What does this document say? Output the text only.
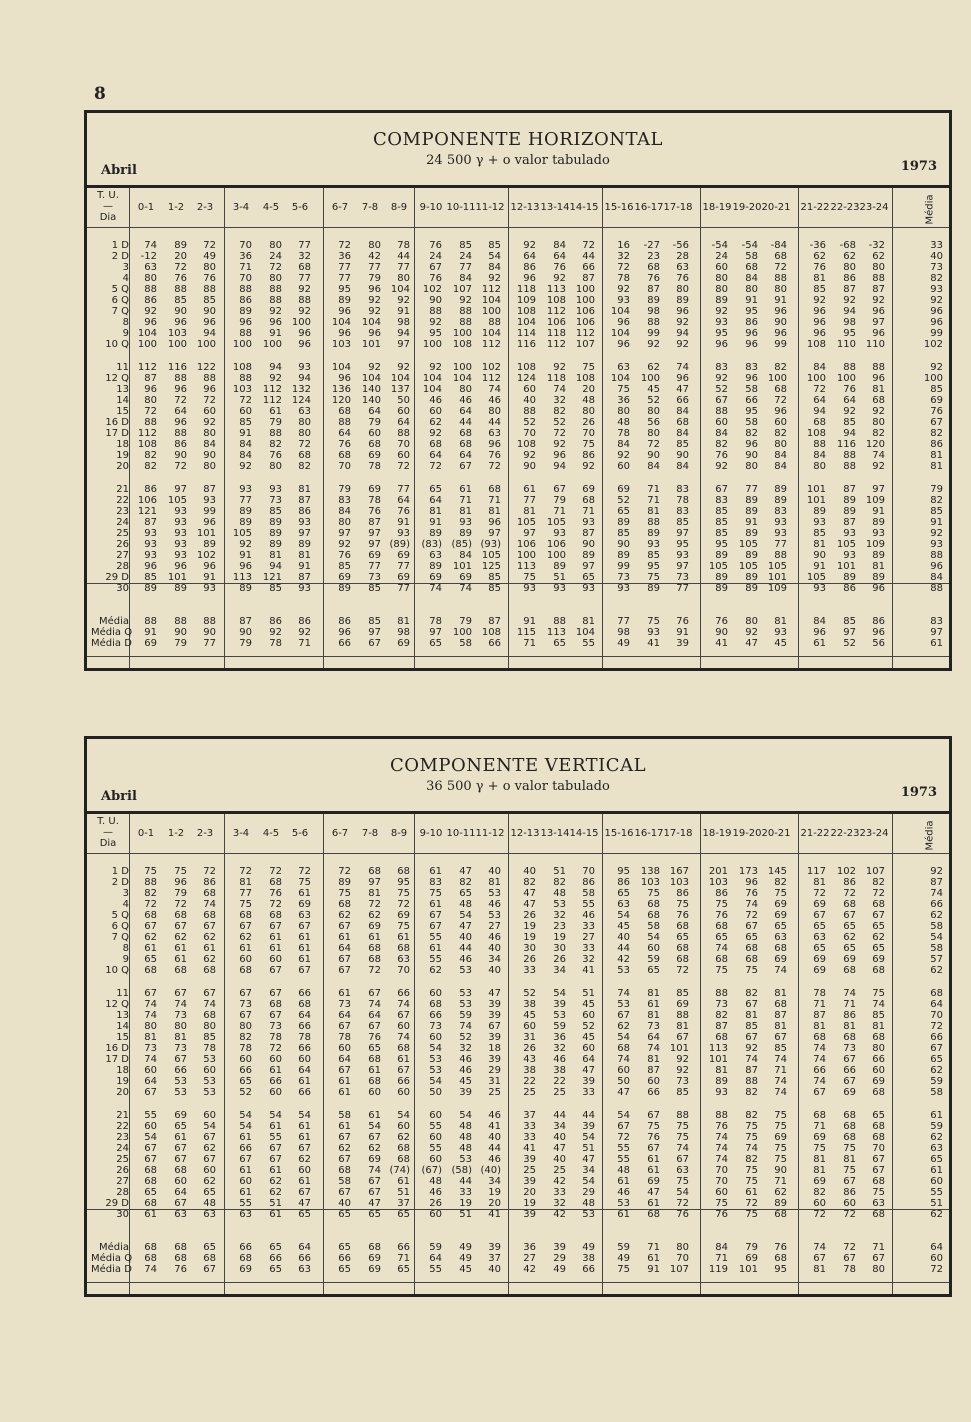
8
COMPONENTE HORIZONTAL
24 500 γ + o valor tabulado
Abril	1973
T. U.
—
Dia
0-1	1-2	2-3	3-4	4-5	5-6	6-7	7-8	8-9	9-10 10-11 11-12 12-13 13-14 14-15 15-16 16-17 17-18 18-19 19-20 20-21 21-22 22-23 23-24	Média
1 D	74	89	72	70	80	77	72	80	78	76	85	85	92	84	72	16	-27	-56	-54	-54	-84	-36	-68	-32	33
2 D	-12	20	49	36	24	32	36	42	44	24	24	54	64	64	44	32	23	28	24	58	68	62	62	62	40
3	63	72	80	71	72	68	77	77	77	67	77	84	86	76	66	72	68	63	60	68	72	76	80	80	73
4	80	76	76	70	80	77	77	79	80	76	84	92	96	92	87	78	76	76	80	84	88	81	86	88	82
5 Q	88	88	88	88	88	92	95	96 104	102	107 112	118	113 100	92	87	80	80	80	80	85	87	87	93
6 Q	86	85	85	86	88	88	89	92	92	90	92 104	109	108 100	93	89	89	89	91	91	92	92	92	92
7 Q	92	90	90	89	92	92	96	92	91	88	88 100	108	112 106	104	98	96	92	95	96	96	94	96	96
8	96	96	96	96	96 100	104	104	98	92	88	88	104	106 106	96	88	92	93	86	90	96	98	97	96
9 104	103	94	88	91	96	96	96	94	95	100 104	114	118 112	104	99	94	95	96	96	96	95	96	99
10 Q 100	100 100	100	100	96	103	101	97	100	108 112	116	112 107	96	92	92	96	96	99	108	110 110	102
11 112	116 122	108	94	93	104	92	92	92	100 102	108	92	75	63	62	74	83	83	82	84	88	88	92
12 Q	87	88	88	88	92	94	96	104 104	104	104 112	124	118 108	104	100	96	92	96 100	100	100	96	100
13	96	96	96	103	112 132	136	140 137	104	80	74	60	74	20	75	45	47	52	58	68	72	76	81	85
14	80	72	72	72	112 124	120	140	50	46	46	46	40	32	48	36	52	66	67	66	72	64	64	68	69
15	72	64	60	60	61	63	68	64	60	60	64	80	88	82	80	80	80	84	88	95	96	94	92	92	76
16 D	88	96	92	85	79	80	88	79	64	62	44	44	52	52	26	48	56	68	60	58	60	68	85	80	67
17 D 112	88	80	91	88	80	64	60	88	92	68	63	70	72	70	78	80	84	84	82	82	108	94	82	82
18 108	86	84	84	82	72	76	68	70	68	68	96	108	92	75	84	72	85	82	96	80	88	116 120	86
19	82	90	90	84	76	68	68	69	60	64	64	76	92	96	86	92	90	90	76	90	84	84	88	74	81
20	82	72	80	92	80	82	70	78	72	72	67	72	90	94	92	60	84	84	92	80	84	80	88	92	81
21	86	97	87	93	93	81	79	69	77	65	61	68	61	67	69	69	71	83	67	77	89	101	87	97	79
22 106	105	93	77	73	87	83	78	64	64	71	71	77	79	68	52	71	78	83	89	89	101	89 109	82
23 121	93	99	89	85	86	84	76	76	81	81	81	81	71	71	65	81	83	85	89	83	89	89	91	85
24	87	93	96	89	89	93	80	87	91	91	93	96	105	105	93	89	88	85	85	91	93	93	87	89	91
25	93	93 101	105	89	97	97	97	93	89	89	97	97	93	87	85	89	97	85	89	93	85	93	93	92
26	93	93	89	92	89	89	92	97 (89)	(83) (85) (93)	106	106	90	90	93	95	95	105	77	81	105 109	93
27	93	93 102	91	81	81	76	69	69	63	84 105	100	100	89	89	85	93	89	89	88	90	93	89	88
28	96	96	96	96	94	91	85	77	77	89	101 125	113	89	97	99	95	97	105	105 105	91	101	81	96
29 D	85	101	91	113	121	87	69	73	69	69	69	85	75	51	65	73	75	73	89	89 101	105	89	89	84
30	89	89	93	89	85	93	89	85	77	74	74	85	93	93	93	93	89	77	89	89 109	93	86	96	88
Média	88	88	88	87	86	86	86	85	81	78	79	87	91	88	81	77	75	76	76	80	81	84	85	86	83
Média Q	91	90	90	90	92	92	96	97	98	97	100 108	115	113 104	98	93	91	90	92	93	96	97	96	97
Média D	69	79	77	79	78	71	66	67	69	65	58	66	71	65	55	49	41	39	41	47	45	61	52	56	61
COMPONENTE VERTICAL
36 500 γ + o valor tabulado
Abril	1973
T. U.
—
Dia
0-1	1-2	2-3	3-4	4-5	5-6	6-7	7-8	8-9	9-10 10-11 11-12 12-13 13-14 14-15 15-16 16-17 17-18 18-19 19-20 20-21 21-22 22-23 23-24	Média
1 D	75	75	72	72	72	72	72	68	68	61	47	40	40	51	70	95	138 167	201	173 145	117	102 107	92
2 D	88	96	86	81	68	75	89	97	95	83	82	81	82	82	86	86	103 103	103	96	82	81	86	82	87
3	82	79	68	77	76	61	75	81	75	75	65	53	47	48	58	65	75	86	86	76	75	72	72	72	74
4	72	72	74	75	72	69	68	72	72	61	48	46	47	53	55	63	68	75	75	74	69	69	68	68	66
5 Q	68	68	68	68	68	63	62	62	69	67	54	53	26	32	46	54	68	76	76	72	69	67	67	67	62
6 Q	67	67	67	67	67	67	67	69	75	67	47	27	19	23	33	45	58	68	68	67	65	65	65	65	58
7 Q	62	62	62	62	61	61	61	61	61	55	40	46	19	19	27	40	54	65	65	65	63	63	62	62	54
8	61	61	61	61	61	61	64	68	68	61	44	40	30	30	33	44	60	68	74	68	68	65	65	65	58
9	65	61	62	60	60	61	67	68	63	55	46	34	26	26	32	42	59	68	68	68	69	69	69	69	57
10 Q	68	68	68	68	67	67	67	72	70	62	53	40	33	34	41	53	65	72	75	75	74	69	68	68	62
11	67	67	67	67	67	66	61	67	66	60	53	47	52	54	51	74	81	85	88	82	81	78	74	75	68
12 Q	74	74	74	73	68	68	73	74	74	68	53	39	38	39	45	53	61	69	73	67	68	71	71	74	64
13	74	73	68	67	67	64	64	64	67	66	59	39	45	53	60	67	81	88	82	81	87	87	86	85	70
14	80	80	80	80	73	66	67	67	60	73	74	67	60	59	52	62	73	81	87	85	81	81	81	81	72
15	81	81	85	82	78	78	78	76	74	60	52	39	31	36	45	54	64	67	68	67	67	68	68	68	66
16 D	73	73	78	78	72	66	60	65	68	54	32	18	26	32	60	68	74 101	113	92	85	74	73	80	67
17 D	74	67	53	60	60	60	64	68	61	53	46	39	43	46	64	74	81	92	101	74	74	74	67	66	65
18	60	66	60	66	61	64	67	61	67	53	46	29	38	38	47	60	87	92	81	87	71	66	66	60	62
19	64	53	53	65	66	61	61	68	66	54	45	31	22	22	39	50	60	73	89	88	74	74	67	69	59
20	67	53	53	52	60	66	61	60	60	50	39	25	25	25	33	47	66	85	93	82	74	67	69	68	58
21	55	69	60	54	54	54	58	61	54	60	54	46	37	44	44	54	67	88	88	82	75	68	68	65	61
22	60	65	54	54	61	61	61	54	60	55	48	41	33	34	39	67	75	75	76	75	75	71	68	68	59
23	54	61	67	61	55	61	67	67	62	60	48	40	33	40	54	72	76	75	74	75	69	69	68	68	62
24	67	67	62	66	67	67	62	62	68	55	48	44	41	47	51	55	67	74	74	74	75	75	75	70	63
25	67	67	67	67	67	62	67	69	68	60	53	46	39	40	47	55	61	67	74	82	75	81	81	67	65
26	68	68	60	61	61	60	68	74 (74)	(67) (58) (40)	25	25	34	48	61	63	70	75	90	81	75	67	61
27	68	60	62	60	62	61	58	67	61	48	44	34	39	42	54	61	69	75	70	75	71	69	67	68	60
28	65	64	65	61	62	67	67	67	51	46	33	19	20	33	29	46	47	54	60	61	62	82	86	75	55
29 D	68	67	48	55	51	47	40	47	37	26	19	20	19	32	48	53	61	72	75	72	89	60	60	63	51
30	61	63	63	63	61	65	65	65	65	60	51	41	39	42	53	61	68	76	76	75	68	72	72	68	62
Média	68	68	65	66	65	64	65	68	66	59	49	39	36	39	49	59	71	80	84	79	76	74	72	71	64
Média Q	68	68	68	68	66	66	66	69	71	64	49	37	27	29	38	49	61	70	71	69	68	67	67	67	60
Média D	74	76	67	69	65	63	65	69	65	55	45	40	42	49	66	75	91 107	119	101	95	81	78	80	72
